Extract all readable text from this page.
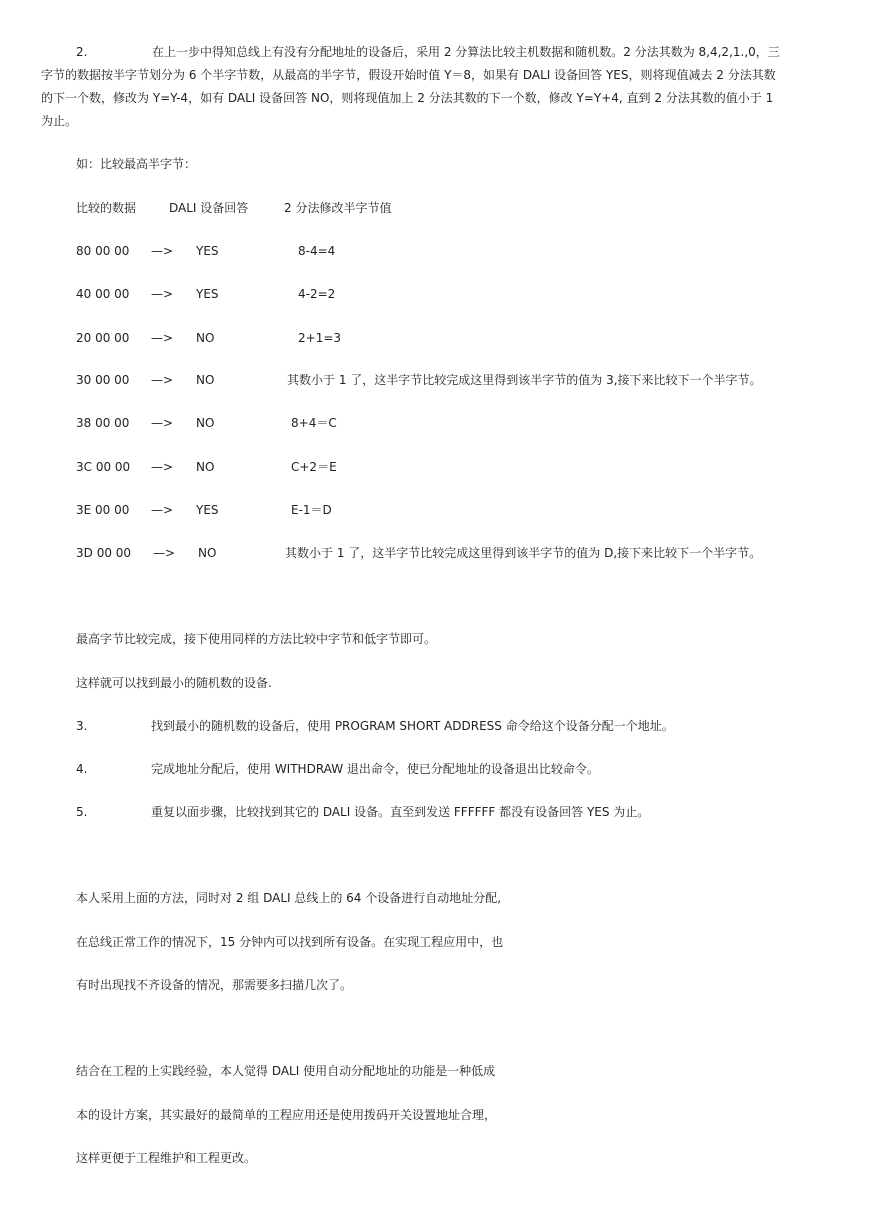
2.	在上一步中得知总线上有没有分配地址的设备后，采用 2 分算法比较主机数据和随机数。2 分法其数为 8,4,2,1.,0，三
字节的数据按半字节划分为 6 个半字节数，从最高的半字节，假设开始时值 Y＝8，如果有 DALI 设备回答 YES，则将现值减去 2 分法其数
的下一个数，修改为 Y=Y-4，如有 DALI 设备回答 NO，则将现值加上 2 分法其数的下一个数，修改 Y=Y+4, 直到 2 分法其数的值小于 1
为止。
如：比较最高半字节：
比较的数据	DALI 设备回答	2 分法修改半字节值
80 00 00 —> YES	8-4=4
40 00 00 —> YES	4-2=2
20 00 00 —> NO	2+1=3
30 00 00 —> NO	其数小于 1 了，这半字节比较完成这里得到该半字节的值为 3,接下来比较下一个半字节。
38 00 00 —> NO	8+4＝C
3C 00 00 —> NO	C+2＝E
3E 00 00 —> YES	E-1＝D
3D 00 00 —> NO	其数小于 1 了，这半字节比较完成这里得到该半字节的值为 D,接下来比较下一个半字节。
最高字节比较完成，接下使用同样的方法比较中字节和低字节即可。
这样就可以找到最小的随机数的设备.
3.	找到最小的随机数的设备后，使用 PROGRAM SHORT ADDRESS 命令给这个设备分配一个地址。
4.	完成地址分配后，使用 WITHDRAW 退出命令，使已分配地址的设备退出比较命令。
5.	重复以面步骤，比较找到其它的 DALI 设备。直至到发送 FFFFFF 都没有设备回答 YES 为止。
本人采用上面的方法，同时对 2 组 DALI 总线上的 64 个设备进行自动地址分配,
在总线正常工作的情况下，15 分钟内可以找到所有设备。在实现工程应用中，也
有时出现找不齐设备的情况，那需要多扫描几次了。
结合在工程的上实践经验，本人觉得 DALI 使用自动分配地址的功能是一种低成
本的设计方案，其实最好的最简单的工程应用还是使用拨码开关设置地址合理，
这样更便于工程维护和工程更改。
